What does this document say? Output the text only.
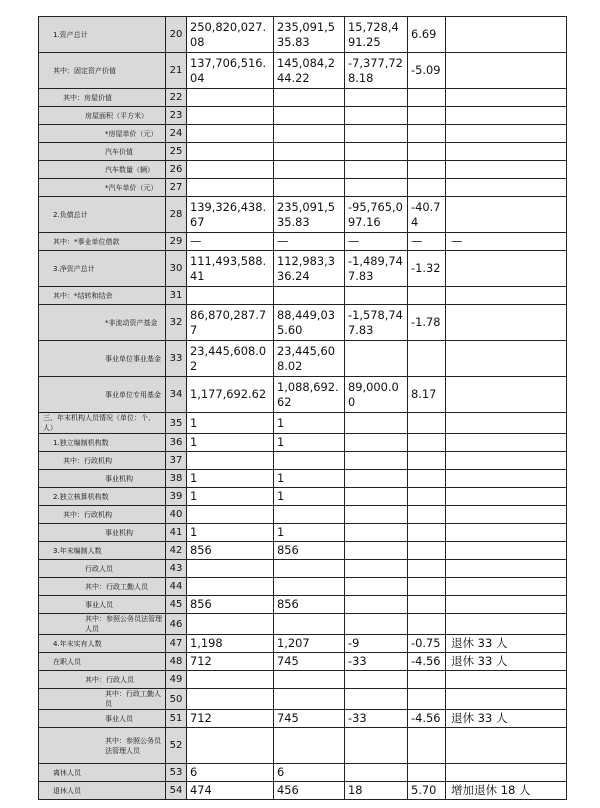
1.资产总计	20	250,820,027.08	235,091,535.83	15,728,491.25	6.69	
其中：固定资产价值	21	137,706,516.04	145,084,244.22	-7,377,728.18	-5.09	
其中：房屋价值	22					
房屋面积（平方米）	23					
*房屋单价（元）	24					
汽车价值	25					
汽车数量（辆）	26					
*汽车单价（元）	27					
2.负债总计	28	139,326,438.67	235,091,535.83	-95,765,097.16	-40.74	
其中：*事业单位借款	29	—	—	—	—	—
3.净资产总计	30	111,493,588.41	112,983,336.24	-1,489,747.83	-1.32	
其中：*结转和结余	31					
*非流动资产基金	32	86,870,287.77	88,449,035.60	-1,578,747.83	-1.78	
事业单位事业基金	33	23,445,608.02	23,445,608.02			
事业单位专用基金	34	1,177,692.62	1,088,692.62	89,000.00	8.17	
三、年末机构人员情况（单位：个、人）	35	1	1			
1.独立编制机构数	36	1	1			
其中：行政机构	37					
事业机构	38	1	1			
2.独立核算机构数	39	1	1			
其中：行政机构	40					
事业机构	41	1	1			
3.年末编制人数	42	856	856			
行政人员	43					
其中：行政工勤人员	44					
事业人员	45	856	856			
其中：参照公务员法管理人员	46					
4.年末实有人数	47	1,198	1,207	-9	-0.75	退休 33 人
在职人员	48	712	745	-33	-4.56	退休 33 人
其中：行政人员	49					
其中：行政工勤人员	50					
事业人员	51	712	745	-33	-4.56	退休 33 人
其中：参照公务员法管理人员	52					
离休人员	53	6	6			
退休人员	54	474	456	18	5.70	增加退休 18 人
